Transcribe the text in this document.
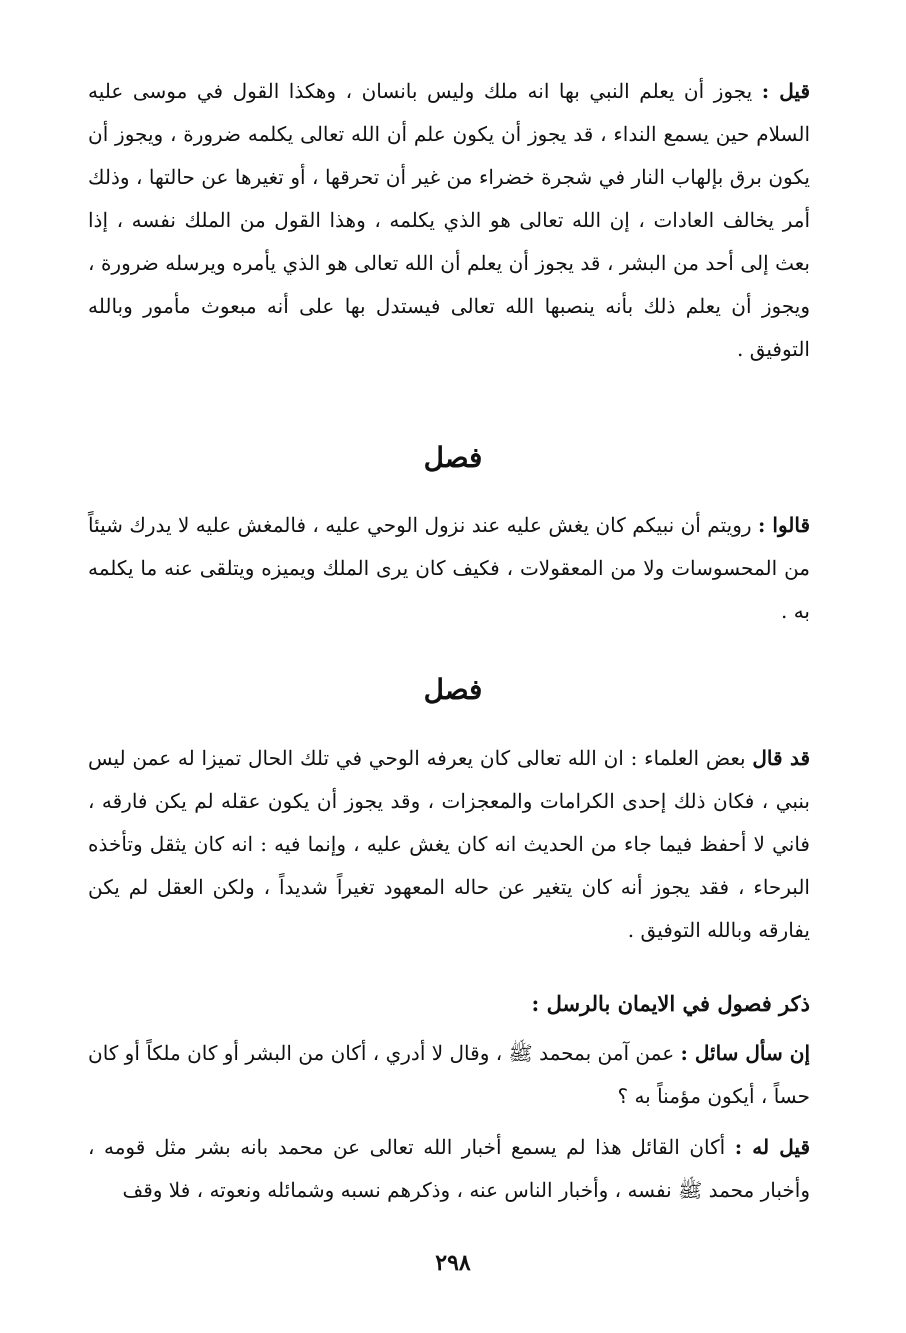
قيل : يجوز أن يعلم النبي بها انه ملك وليس بانسان ، وهكذا القول في موسى عليه السلام حين يسمع النداء ، قد يجوز أن يكون علم أن الله تعالى يكلمه ضرورة ، ويجوز أن يكون برق بإلهاب النار في شجرة خضراء من غير أن تحرقها ، أو تغيرها عن حالتها ، وذلك أمر يخالف العادات ، إن الله تعالى هو الذي يكلمه ، وهذا القول من الملك نفسه ، إذا بعث إلى أحد من البشر ، قد يجوز أن يعلم أن الله تعالى هو الذي يأمره ويرسله ضرورة ، ويجوز أن يعلم ذلك بأنه ينصبها الله تعالى فيستدل بها على أنه مبعوث مأمور وبالله التوفيق .

فصل

قالوا : رويتم أن نبيكم كان يغش عليه عند نزول الوحي عليه ، فالمغش عليه لا يدرك شيئاً من المحسوسات ولا من المعقولات ، فكيف كان يرى الملك ويميزه ويتلقى عنه ما يكلمه به .

فصل

قد قال بعض العلماء : ان الله تعالى كان يعرفه الوحي في تلك الحال تميزا له عمن ليس بنبي ، فكان ذلك إحدى الكرامات والمعجزات ، وقد يجوز أن يكون عقله لم يكن فارقه ، فاني لا أحفظ فيما جاء من الحديث انه كان يغش عليه ، وإنما فيه : انه كان يثقل وتأخذه البرحاء ، فقد يجوز أنه كان يتغير عن حاله المعهود تغيراً شديداً ، ولكن العقل لم يكن يفارقه وبالله التوفيق .

ذكر فصول في الايمان بالرسل :

إن سأل سائل : عمن آمن بمحمد ﷺ ، وقال لا أدري ، أكان من البشر أو كان ملكاً أو كان حساً ، أيكون مؤمناً به ؟

قيل له : أكان القائل هذا لم يسمع أخبار الله تعالى عن محمد بانه بشر مثل قومه ، وأخبار محمد ﷺ نفسه ، وأخبار الناس عنه ، وذكرهم نسبه وشمائله ونعوته ، فلا وقف

٢٩٨
